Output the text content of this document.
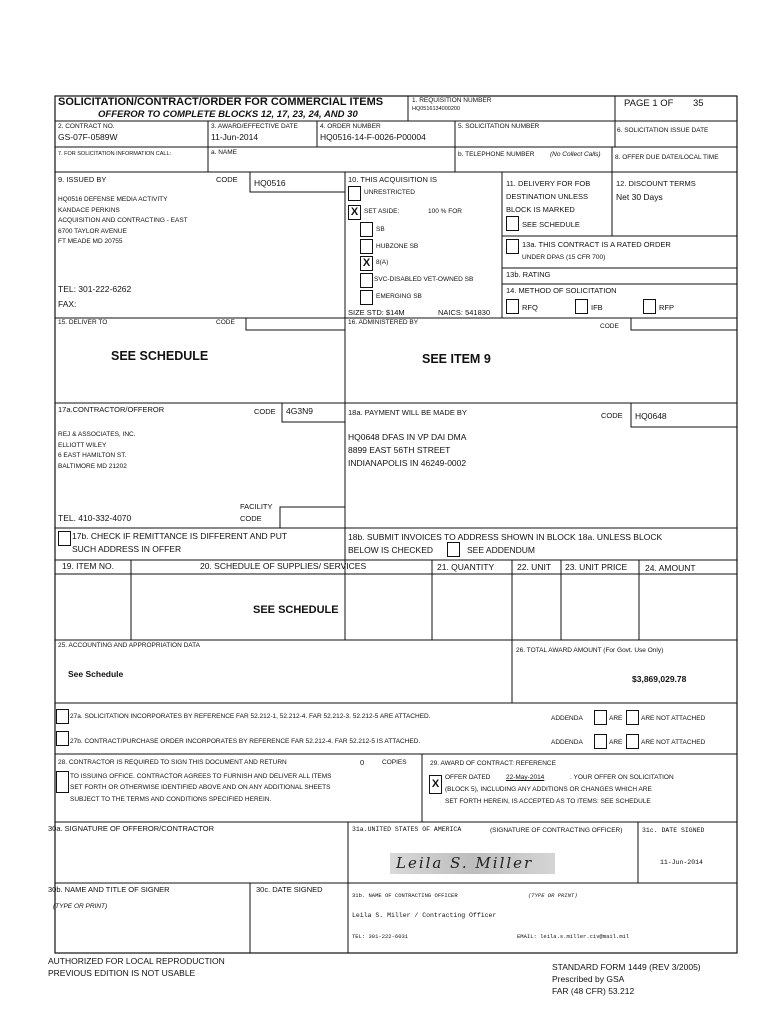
SOLICITATION/CONTRACT/ORDER FOR COMMERCIAL ITEMS
OFFEROR TO COMPLETE BLOCKS 12, 17, 23, 24, AND 30
1. REQUISITION NUMBER
HQ0516134000200	PAGE 1 OF 35
2. CONTRACT NO.
GS-07F-0589W
3. AWARD/EFFECTIVE DATE
11-Jun-2014
4. ORDER NUMBER
HQ0516-14-F-0026-P00004
5. SOLICITATION NUMBER
6. SOLICITATION ISSUE DATE
7. FOR SOLICITATION INFORMATION CALL:	a. NAME	b. TELEPHONE NUMBER (No Collect Calls) 8. OFFER DUE DATE/LOCAL TIME
9. ISSUED BY	CODE HQ0516
HQ0516 DEFENSE MEDIA ACTIVITY
KANDACE PERKINS
ACQUISITION AND CONTRACTING - EAST
6700 TAYLOR AVENUE
FT MEADE MD 20755
TEL: 301-222-6262
FAX:
10. THIS ACQUISITION IS
UNRESTRICTED
X SET ASIDE:	100 % FOR
SB
HUBZONE SB
X 8(A)
SVC-DISABLED VET-OWNED SB
EMERGING SB
SIZE STD: $14M	NAICS: 541830
11. DELIVERY FOR FOB
DESTINATION UNLESS
BLOCK IS MARKED
SEE SCHEDULE
12. DISCOUNT TERMS
Net 30 Days
13a. THIS CONTRACT IS A RATED ORDER
UNDER DPAS (15 CFR 700)
13b. RATING
14. METHOD OF SOLICITATION
RFQ	IFB	RFP
15. DELIVER TO	CODE
SEE SCHEDULE
16. ADMINISTERED BY
CODE
SEE ITEM 9
17a.CONTRACTOR/OFFEROR	CODE 4G3N9
REJ & ASSOCIATES, INC.
ELLIOTT WILEY
6 EAST HAMILTON ST.
BALTIMORE MD 21202
FACILITY
CODE
TEL. 410-332-4070
17b. CHECK IF REMITTANCE IS DIFFERENT AND PUT
SUCH ADDRESS IN OFFER
18a. PAYMENT WILL BE MADE BY	CODE HQ0648
HQ0648 DFAS IN VP DAI DMA
8899 EAST 56TH STREET
INDIANAPOLIS IN 46249-0002
18b. SUBMIT INVOICES TO ADDRESS SHOWN IN BLOCK 18a. UNLESS BLOCK
BELOW IS CHECKED	SEE ADDENDUM
19. ITEM NO.	20. SCHEDULE OF SUPPLIES/ SERVICES	21. QUANTITY	22. UNIT 23. UNIT PRICE 24. AMOUNT
SEE SCHEDULE
25. ACCOUNTING AND APPROPRIATION DATA
See Schedule
26. TOTAL AWARD AMOUNT (For Govt. Use Only)
$3,869,029.78
27a. SOLICITATION INCORPORATES BY REFERENCE FAR 52.212-1, 52.212-4. FAR 52.212-3. 52.212-5 ARE ATTACHED.	ADDENDA	ARE	ARE NOT ATTACHED
27b. CONTRACT/PURCHASE ORDER INCORPORATES BY REFERENCE FAR 52.212-4. FAR 52.212-5 IS ATTACHED.	ADDENDA	ARE	ARE NOT ATTACHED
28. CONTRACTOR IS REQUIRED TO SIGN THIS DOCUMENT AND RETURN	0	COPIES
TO ISSUING OFFICE. CONTRACTOR AGREES TO FURNISH AND DELIVER ALL ITEMS
SET FORTH OR OTHERWISE IDENTIFIED ABOVE AND ON ANY ADDITIONAL SHEETS
SUBJECT TO THE TERMS AND CONDITIONS SPECIFIED HEREIN.
29. AWARD OF CONTRACT: REFERENCE
X
OFFER DATED 22-May-2014	. YOUR OFFER ON SOLICITATION
(BLOCK 5), INCLUDING ANY ADDITIONS OR CHANGES WHICH ARE
SET FORTH HEREIN, IS ACCEPTED AS TO ITEMS: SEE SCHEDULE
30a. SIGNATURE OF OFFEROR/CONTRACTOR	31a.UNITED STATES OF AMERICA	(SIGNATURE OF CONTRACTING OFFICER)	31c. DATE SIGNED
11-Jun-2014
Leila S. Miller
30b. NAME AND TITLE OF SIGNER
(TYPE OR PRINT)
30c. DATE SIGNED
31b. NAME OF CONTRACTING OFFICER	(TYPE OR PRINT)
Leila S. Miller / Contracting Officer
TEL: 301-222-6031	EMAIL: leila.s.miller.civ@mail.mil
AUTHORIZED FOR LOCAL REPRODUCTION
PREVIOUS EDITION IS NOT USABLE
STANDARD FORM 1449 (REV 3/2005)
Prescribed by GSA
FAR (48 CFR) 53.212
